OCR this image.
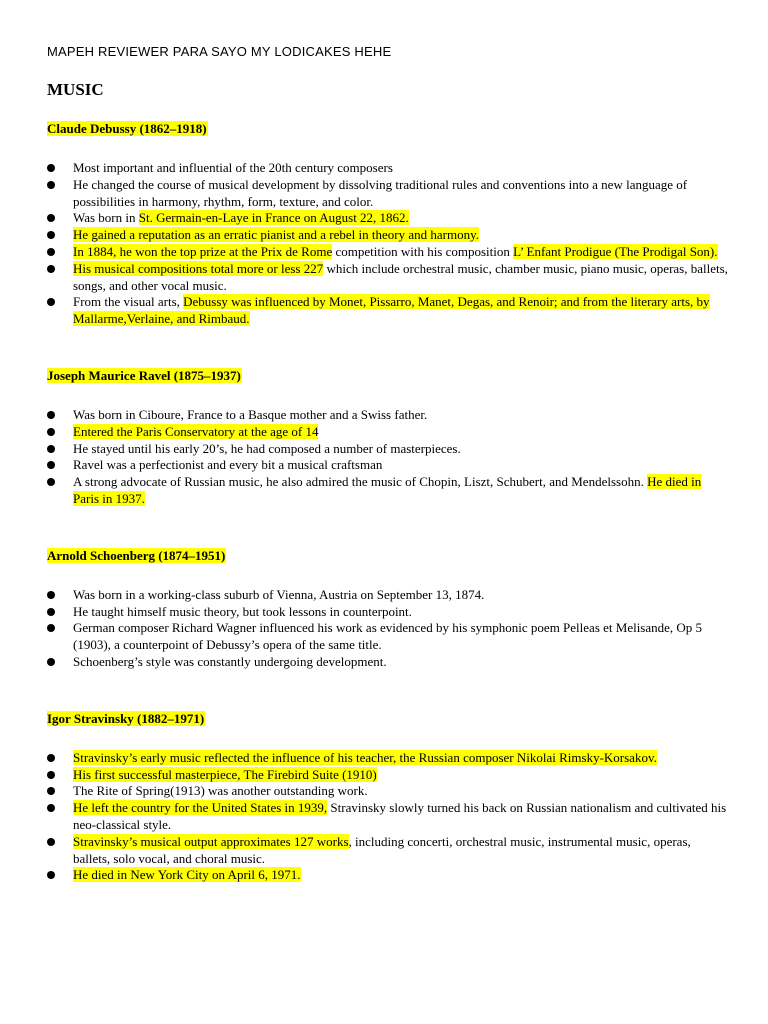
MAPEH REVIEWER PARA SAYO MY LODICAKES HEHE

MUSIC
Claude Debussy (1862–1918)
Most important and influential of the 20th century composers
He changed the course of musical development by dissolving traditional rules and conventions into a new language of possibilities in harmony, rhythm, form, texture, and color.
Was born in St. Germain-en-Laye in France on August 22, 1862.
He gained a reputation as an erratic pianist and a rebel in theory and harmony.
In 1884, he won the top prize at the Prix de Rome competition with his composition L’ Enfant Prodigue (The Prodigal Son).
His musical compositions total more or less 227 which include orchestral music, chamber music, piano music, operas, ballets, songs, and other vocal music.
From the visual arts, Debussy was influenced by Monet, Pissarro, Manet, Degas, and Renoir; and from the literary arts, by Mallarme,Verlaine, and Rimbaud.
Joseph Maurice Ravel (1875–1937)
Was born in Ciboure, France to a Basque mother and a Swiss father.
Entered the Paris Conservatory at the age of 14
He stayed until his early 20’s, he had composed a number of masterpieces.
Ravel was a perfectionist and every bit a musical craftsman
A strong advocate of Russian music, he also admired the music of Chopin, Liszt, Schubert, and Mendelssohn. He died in Paris in 1937.
Arnold Schoenberg (1874–1951)
Was born in a working-class suburb of Vienna, Austria on September 13, 1874.
He taught himself music theory, but took lessons in counterpoint.
German composer Richard Wagner influenced his work as evidenced by his symphonic poem Pelleas et Melisande, Op 5 (1903), a counterpoint of Debussy’s opera of the same title.
Schoenberg’s style was constantly undergoing development.
Igor Stravinsky (1882–1971)
Stravinsky’s early music reflected the influence of his teacher, the Russian composer Nikolai Rimsky-Korsakov.
His first successful masterpiece, The Firebird Suite (1910)
The Rite of Spring(1913) was another outstanding work.
He left the country for the United States in 1939, Stravinsky slowly turned his back on Russian nationalism and cultivated his neo-classical style.
Stravinsky’s musical output approximates 127 works, including concerti, orchestral music, instrumental music, operas, ballets, solo vocal, and choral music.
He died in New York City on April 6, 1971.
